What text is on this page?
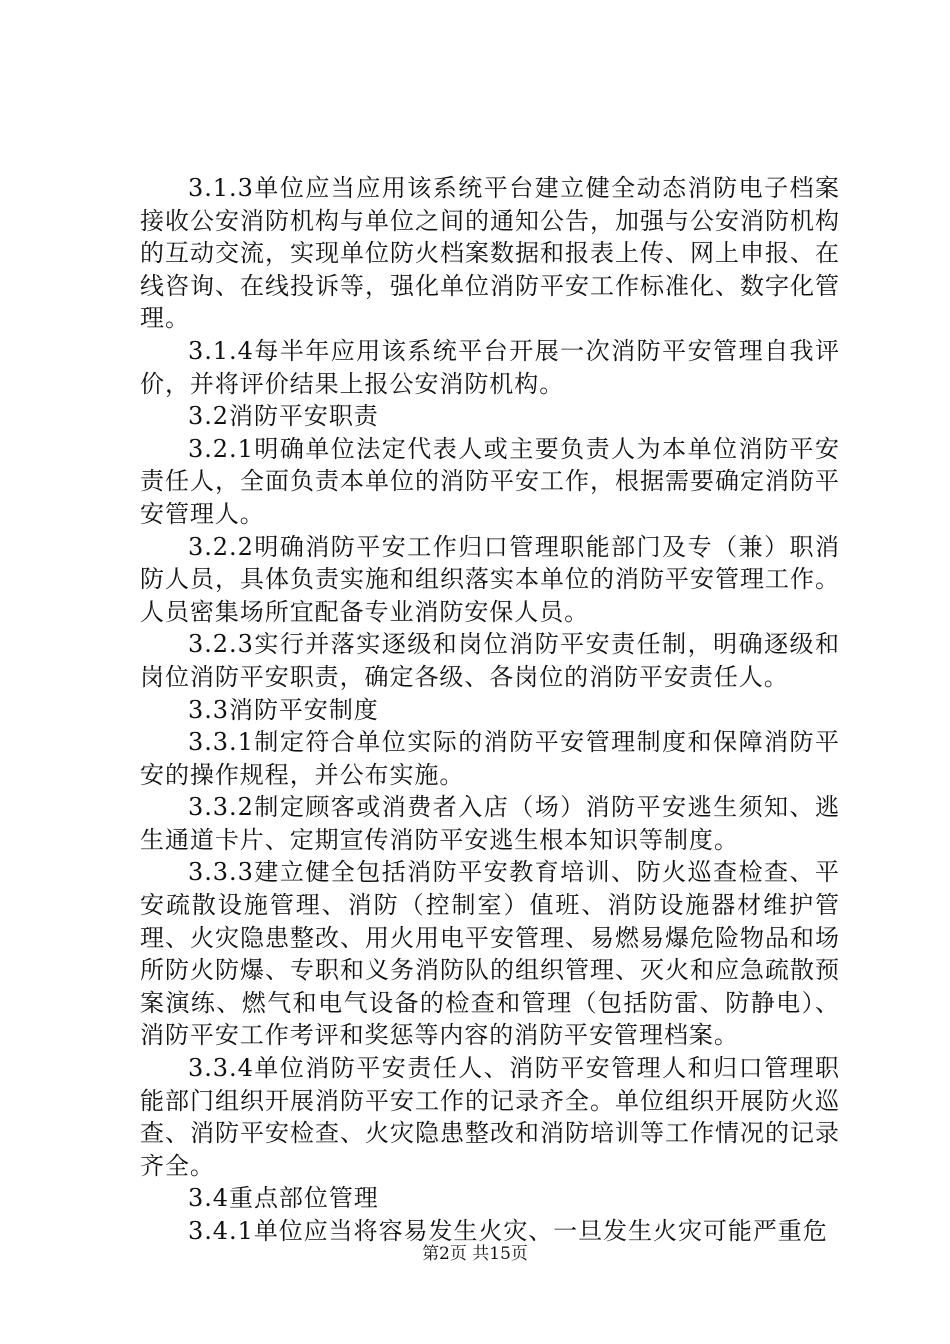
3.1.3单位应当应用该系统平台建立健全动态消防电子档案接收公安消防机构与单位之间的通知公告，加强与公安消防机构的互动交流，实现单位防火档案数据和报表上传、网上申报、在线咨询、在线投诉等，强化单位消防平安工作标准化、数字化管理。

3.1.4每半年应用该系统平台开展一次消防平安管理自我评价，并将评价结果上报公安消防机构。

3.2消防平安职责

3.2.1明确单位法定代表人或主要负责人为本单位消防平安责任人，全面负责本单位的消防平安工作，根据需要确定消防平安管理人。

3.2.2明确消防平安工作归口管理职能部门及专（兼）职消防人员，具体负责实施和组织落实本单位的消防平安管理工作。人员密集场所宜配备专业消防安保人员。

3.2.3实行并落实逐级和岗位消防平安责任制，明确逐级和岗位消防平安职责，确定各级、各岗位的消防平安责任人。

3.3消防平安制度

3.3.1制定符合单位实际的消防平安管理制度和保障消防平安的操作规程，并公布实施。

3.3.2制定顾客或消费者入店（场）消防平安逃生须知、逃生通道卡片、定期宣传消防平安逃生根本知识等制度。

3.3.3建立健全包括消防平安教育培训、防火巡查检查、平安疏散设施管理、消防（控制室）值班、消防设施器材维护管理、火灾隐患整改、用火用电平安管理、易燃易爆危险物品和场所防火防爆、专职和义务消防队的组织管理、灭火和应急疏散预案演练、燃气和电气设备的检查和管理（包括防雷、防静电）、消防平安工作考评和奖惩等内容的消防平安管理档案。

3.3.4单位消防平安责任人、消防平安管理人和归口管理职能部门组织开展消防平安工作的记录齐全。单位组织开展防火巡查、消防平安检查、火灾隐患整改和消防培训等工作情况的记录齐全。

3.4重点部位管理

3.4.1单位应当将容易发生火灾、一旦发生火灾可能严重危

第2页 共15页
